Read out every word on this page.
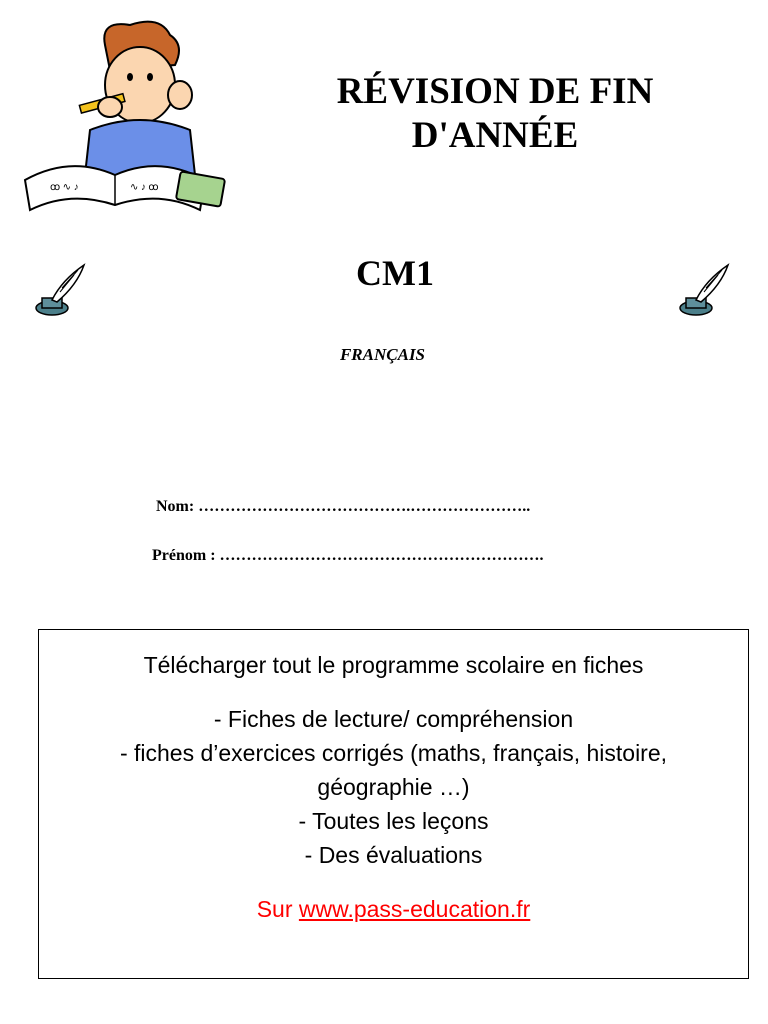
ꝏ ∿ ♪	∿ ♪ ꝏ
RÉVISION DE FIN
D'ANNÉE
CM1
FRANÇAIS
Nom: ………………………………….…………………..
Prénom : …………………………………………………….
Télécharger tout le programme scolaire en fiches
- Fiches de lecture/ compréhension
- fiches d’exercices corrigés (maths, français, histoire,
géographie …)
- Toutes les leçons
- Des évaluations
Sur www.pass-education.fr
